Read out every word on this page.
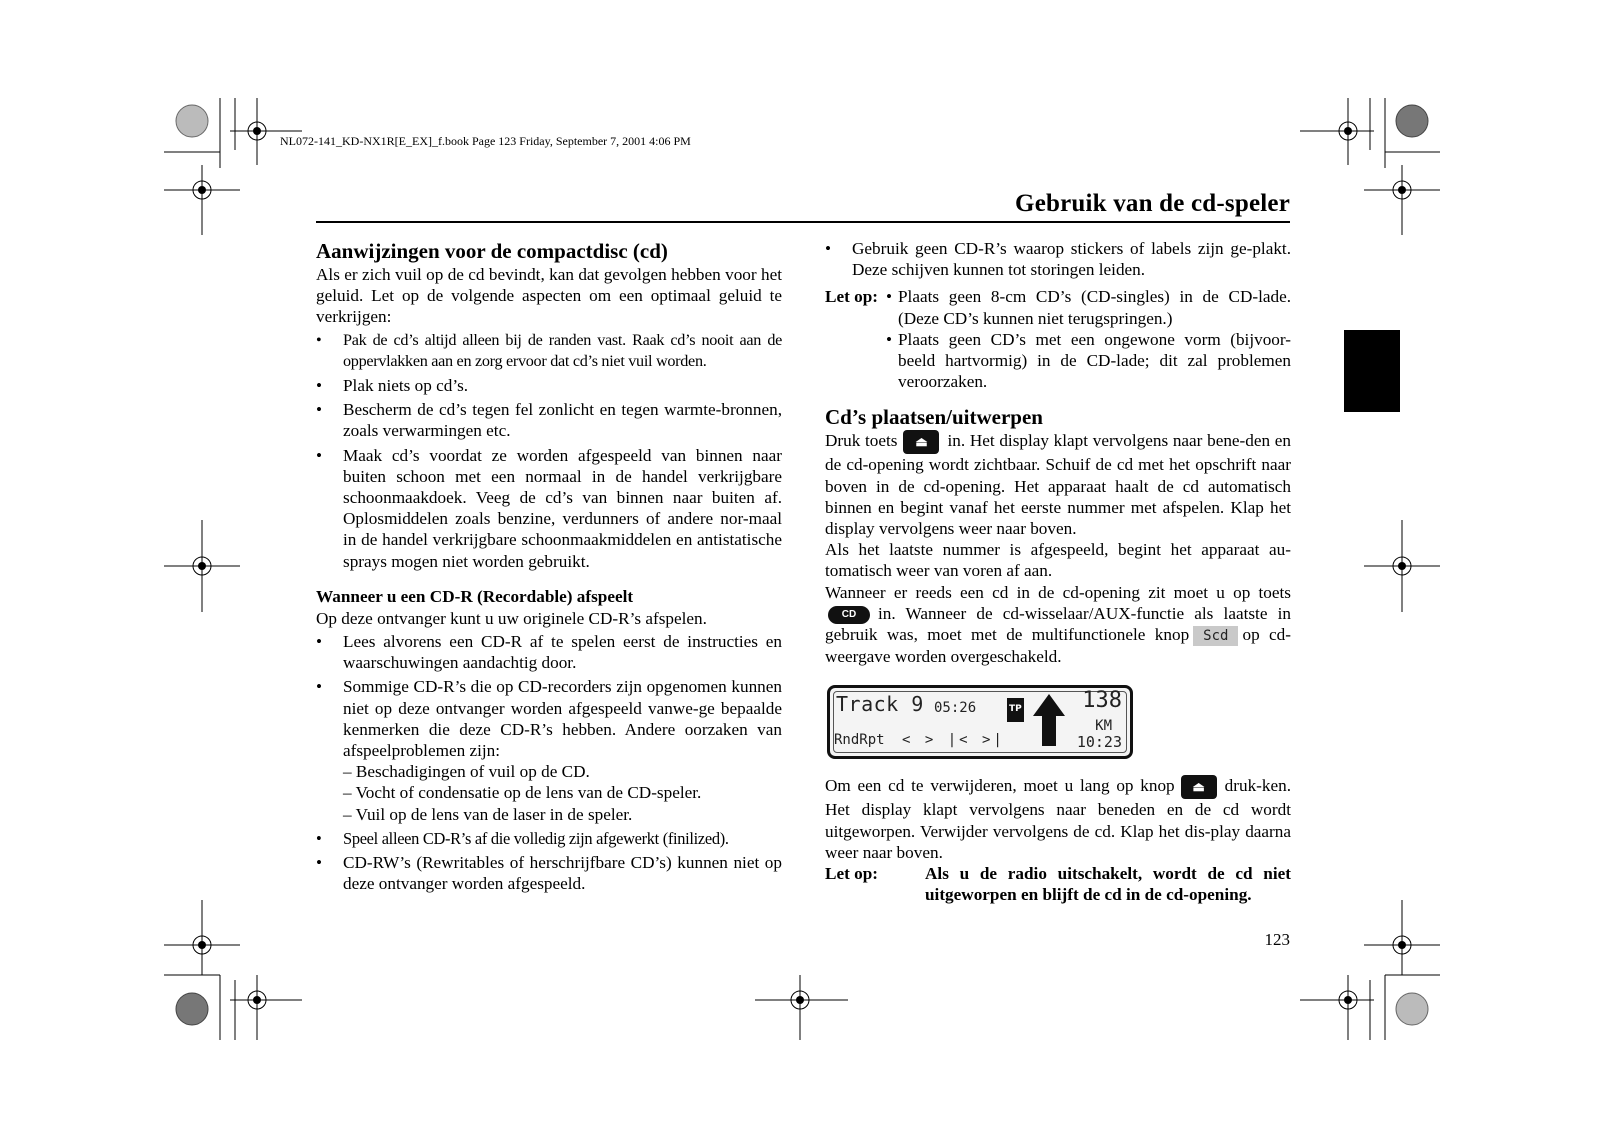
NL072-141_KD-NX1R[E_EX]_f.book Page 123 Friday, September 7, 2001 4:06 PM
Gebruik van de cd-speler
Aanwijzingen voor de compactdisc (cd)

Als er zich vuil op de cd bevindt, kan dat gevolgen hebben voor het geluid. Let op de volgende aspecten om een optimaal geluid te verkrijgen:

• Pak de cd’s altijd alleen bij de randen vast. Raak cd’s nooit aan de oppervlakken aan en zorg ervoor dat cd’s niet vuil worden.
• Plak niets op cd’s.
• Bescherm de cd’s tegen fel zonlicht en tegen warmte-bronnen, zoals verwarmingen etc.
• Maak cd’s voordat ze worden afgespeeld van binnen naar buiten schoon met een normaal in de handel verkrijgbare schoonmaakdoek. Veeg de cd’s van binnen naar buiten af. Oplosmiddelen zoals benzine, verdunners of andere nor-maal in de handel verkrijgbare schoonmaakmiddelen en antistatische sprays mogen niet worden gebruikt.
Wanneer u een CD-R (Recordable) afspeelt

Op deze ontvanger kunt u uw originele CD-R’s afspelen.

• Lees alvorens een CD-R af te spelen eerst de instructies en waarschuwingen aandachtig door.
• Sommige CD-R’s die op CD-recorders zijn opgenomen kunnen niet op deze ontvanger worden afgespeeld vanwe-ge bepaalde kenmerken die deze CD-R’s hebben. Andere oorzaken van afspeelproblemen zijn:
– Beschadigingen of vuil op de CD.
– Vocht of condensatie op de lens van de CD-speler.
– Vuil op de lens van de laser in de speler.
• Speel alleen CD-R’s af die volledig zijn afgewerkt (finilized).
• CD-RW’s (Rewritables of herschrijfbare CD’s) kunnen niet op deze ontvanger worden afgespeeld.
• Gebruik geen CD-R’s waarop stickers of labels zijn ge-plakt. Deze schijven kunnen tot storingen leiden.
Let op:
•	Plaats geen 8-cm CD’s (CD-singles) in de CD-lade. (Deze CD’s kunnen niet terugspringen.)
• Plaats geen CD’s met een ongewone vorm (bijvoor-beeld hartvormig) in de CD-lade; dit zal problemen veroorzaken.
Cd’s plaatsen/uitwerpen

Druk toets ⏏ in. Het display klapt vervolgens naar bene-den en de cd-opening wordt zichtbaar. Schuif de cd met het opschrift naar boven in de cd-opening. Het apparaat haalt de cd automatisch binnen en begint vanaf het eerste nummer met afspelen. Klap het display vervolgens weer naar boven.

Als het laatste nummer is afgespeeld, begint het apparaat au-tomatisch weer van voren af aan.

Wanneer er reeds een cd in de cd-opening zit moet u op toets CD in. Wanneer de cd-wisselaar/AUX-functie als laatste in gebruik was, moet met de multifunctionele knop Scd op cd-weergave worden overgeschakeld.

Track 9 05:26	TP	138
KM
RndRpt < > |< >|	10:23

Om een cd te verwijderen, moet u lang op knop ⏏ druk-ken. Het display klapt vervolgens naar beneden en de cd wordt uitgeworpen. Verwijder vervolgens de cd. Klap het dis-play daarna weer naar boven.

Let op:	Als u de radio uitschakelt, wordt de cd niet uitgeworpen en blijft de cd in de cd-opening.
123
